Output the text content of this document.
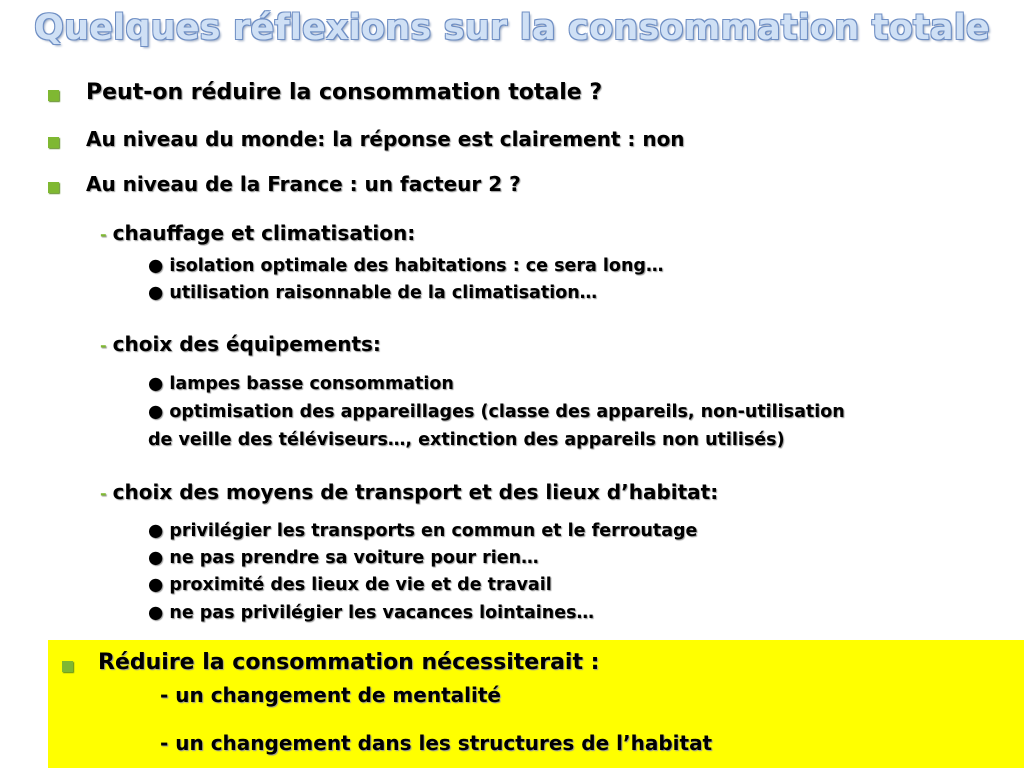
Quelques réflexions sur la consommation totale
Peut-on réduire la consommation totale ?
Au niveau du monde: la réponse est clairement : non
Au niveau de la France : un facteur 2 ?
- chauffage et climatisation:
● isolation optimale des habitations : ce sera long…
● utilisation raisonnable de la climatisation…
- choix des équipements:
● lampes basse consommation
● optimisation des appareillages (classe des appareils, non-utilisation
de veille des téléviseurs…, extinction des appareils non utilisés)
- choix des moyens de transport et des lieux d’habitat:
● privilégier les transports en commun et le ferroutage
● ne pas prendre sa voiture pour rien…
● proximité des lieux de vie et de travail
● ne pas privilégier les vacances lointaines…
Réduire la consommation nécessiterait :
- un changement de mentalité
- un changement dans les structures de l’habitat
